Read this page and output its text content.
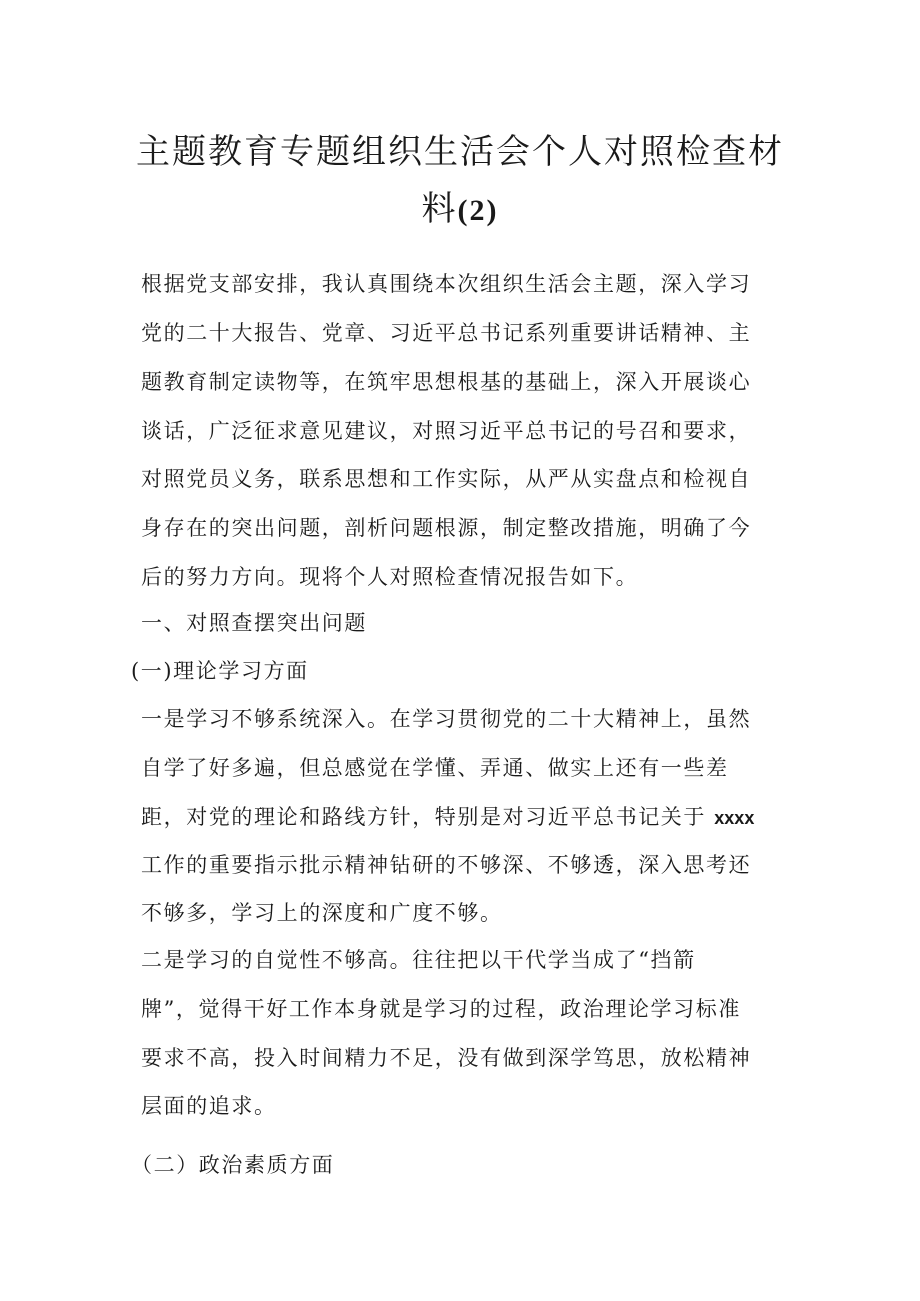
主题教育专题组织生活会个人对照检查材
料(2)

根据党支部安排，我认真围绕本次组织生活会主题，深入学习

党的二十大报告、党章、习近平总书记系列重要讲话精神、主

题教育制定读物等，在筑牢思想根基的基础上，深入开展谈心

谈话，广泛征求意见建议，对照习近平总书记的号召和要求，

对照党员义务，联系思想和工作实际，从严从实盘点和检视自

身存在的突出问题，剖析问题根源，制定整改措施，明确了今

后的努力方向。现将个人对照检查情况报告如下。

一、对照查摆突出问题

(一)理论学习方面

一是学习不够系统深入。在学习贯彻党的二十大精神上，虽然

自学了好多遍，但总感觉在学懂、弄通、做实上还有一些差

距，对党的理论和路线方针，特别是对习近平总书记关于 xxxx

工作的重要指示批示精神钻研的不够深、不够透，深入思考还

不够多，学习上的深度和广度不够。

二是学习的自觉性不够高。往往把以干代学当成了“挡箭

牌”，觉得干好工作本身就是学习的过程，政治理论学习标准

要求不高，投入时间精力不足，没有做到深学笃思，放松精神

层面的追求。

（二）政治素质方面
